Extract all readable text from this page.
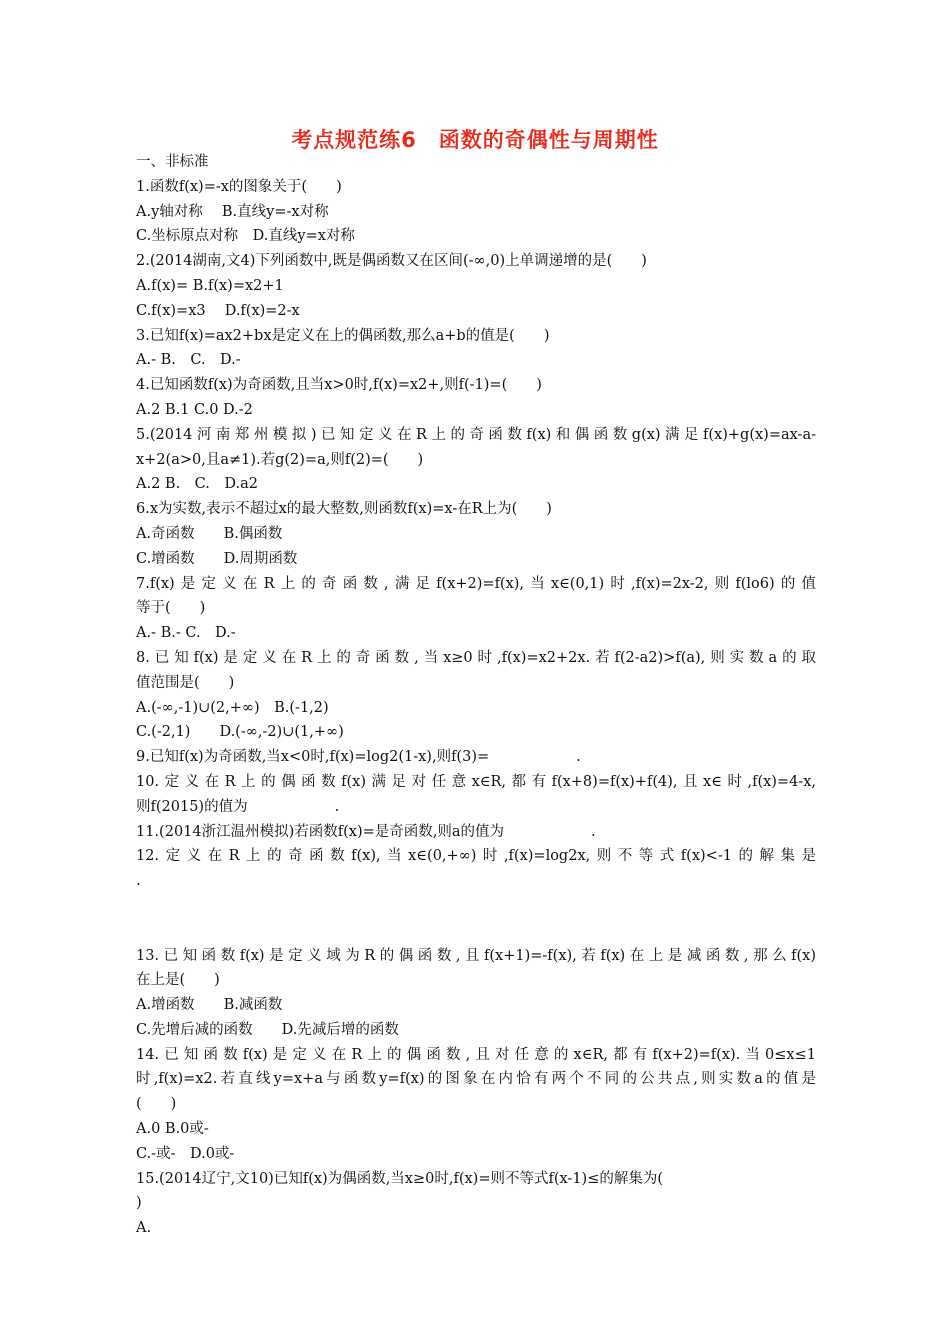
考点规范练6　函数的奇偶性与周期性
一、非标准
1.函数f(x)=-x的图象关于(　　)
A.y轴对称　 B.直线y=-x对称
C.坐标原点对称　D.直线y=x对称
2.(2014湖南,文4)下列函数中,既是偶函数又在区间(-∞,0)上单调递增的是(　　)
A.f(x)= B.f(x)=x2+1
C.f(x)=x3　 D.f(x)=2-x
3.已知f(x)=ax2+bx是定义在上的偶函数,那么a+b的值是(　　)
A.- B.　C.　D.-
4.已知函数f(x)为奇函数,且当x>0时,f(x)=x2+,则f(-1)=(　　)
A.2 B.1 C.0 D.-2
5.(2014河南郑州模拟)已知定义在R上的奇函数f(x)和偶函数g(x)满足f(x)+g(x)=ax-a-
x+2(a>0,且a≠1).若g(2)=a,则f(2)=(　　)
A.2 B.　C.　D.a2
6.x为实数,表示不超过x的最大整数,则函数f(x)=x-在R上为(　　)
A.奇函数　　B.偶函数
C.增函数　　D.周期函数
7.f(x)是定义在R上的奇函数,满足f(x+2)=f(x),当x∈(0,1)时,f(x)=2x-2,则f(lo6)的值
等于(　　)
A.- B.- C.　D.-
8.已知f(x)是定义在R上的奇函数,当x≥0时,f(x)=x2+2x.若f(2-a2)>f(a),则实数a的取
值范围是(　　)
A.(-∞,-1)∪(2,+∞)　B.(-1,2)
C.(-2,1)　　D.(-∞,-2)∪(1,+∞)
9.已知f(x)为奇函数,当x<0时,f(x)=log2(1-x),则f(3)=　　　　　　.
10.定义在R上的偶函数f(x)满足对任意x∈R,都有f(x+8)=f(x)+f(4),且x∈时,f(x)=4-x,
则f(2015)的值为　　　　　　.
11.(2014浙江温州模拟)若函数f(x)=是奇函数,则a的值为　　　　　　.
12.定义在R上的奇函数f(x),当x∈(0,+∞)时,f(x)=log2x,则不等式f(x)<-1的解集是
.
13.已知函数f(x)是定义域为R的偶函数,且f(x+1)=-f(x),若f(x)在上是减函数,那么f(x)
在上是(　　)
A.增函数　　B.减函数
C.先增后减的函数　　D.先减后增的函数
14.已知函数f(x)是定义在R上的偶函数,且对任意的x∈R,都有f(x+2)=f(x).当0≤x≤1
时,f(x)=x2.若直线y=x+a与函数y=f(x)的图象在内恰有两个不同的公共点,则实数a的值是
(　　)
A.0 B.0或-
C.-或-　D.0或-
15.(2014辽宁,文10)已知f(x)为偶函数,当x≥0时,f(x)=则不等式f(x-1)≤的解集为(
)
A.
